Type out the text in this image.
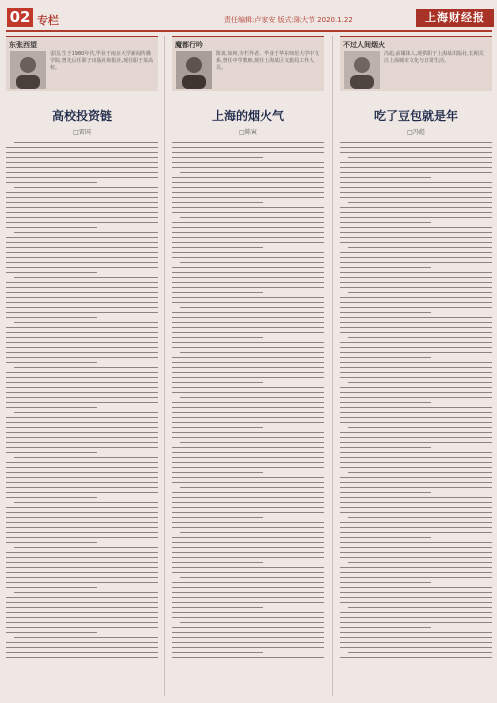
02 专栏	责任编辑:卢家安 版式:陈大节 2020.1.22	上海财经报
东张西望
雷国,生于1980年代,毕业于南京大学新闻传播学院,曾先后任职于出版社和报社,现任职于某高校。
高校投资链
□雷国
魔都行吟
陈寅,如何,专栏作者。毕业于华东师范大学中文系,曾任中学教师,现任上海某区文旅局工作人员。
上海的烟火气
□陈寅
不过人间烟火
冯彪,前媒体人,现供职于上海某出版社,长期关注上海城市文化与日常生活。
吃了豆包就是年
□冯彪
